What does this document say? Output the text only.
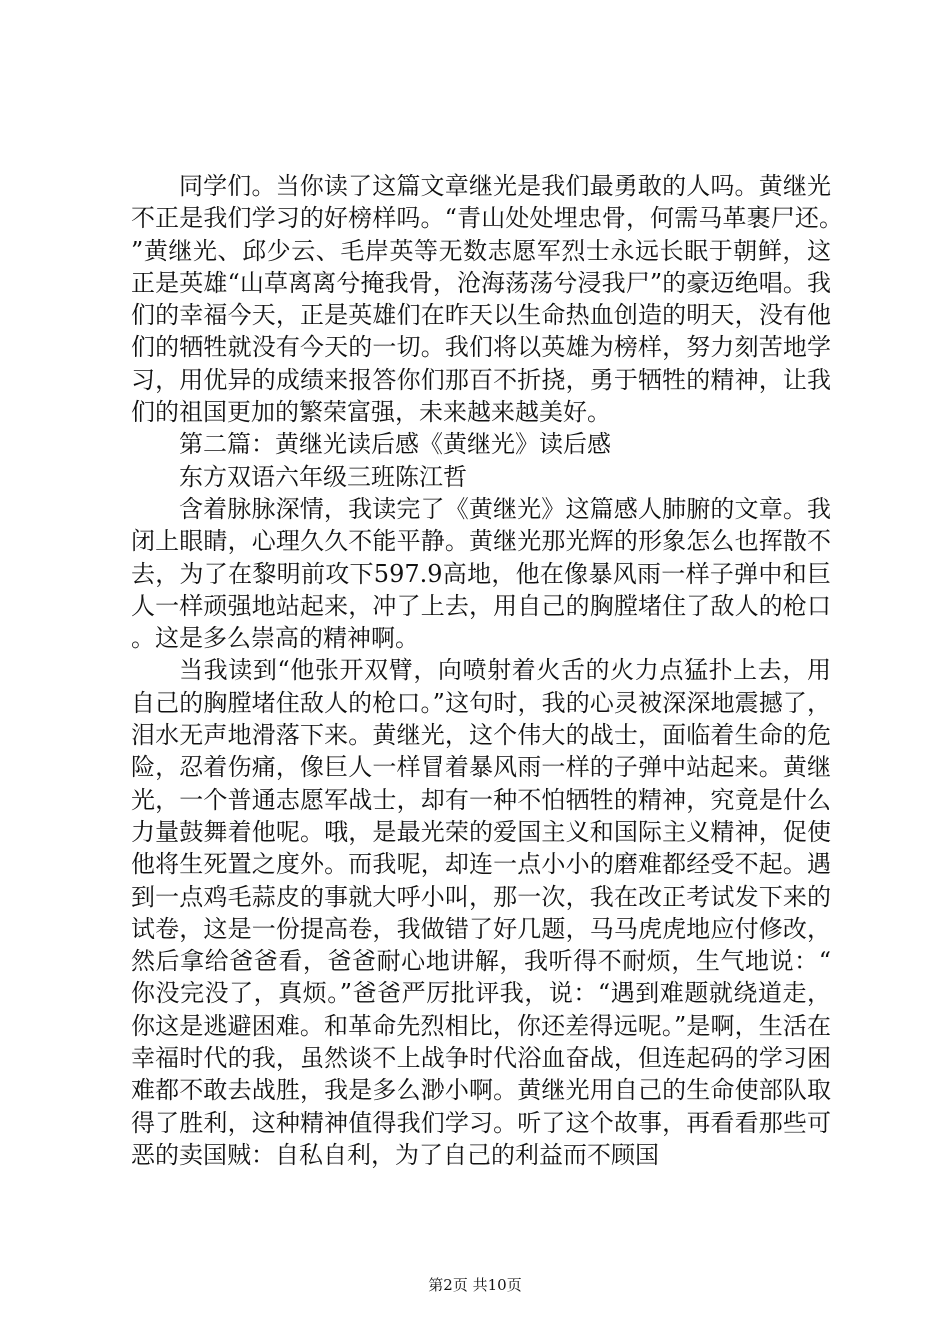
同学们。当你读了这篇文章继光是我们最勇敢的人吗。黄继光不正是我们学习的好榜样吗。“青山处处埋忠骨，何需马革裹尸还。”黄继光、邱少云、毛岸英等无数志愿军烈士永远长眠于朝鲜，这正是英雄“山草离离兮掩我骨，沧海荡荡兮浸我尸”的豪迈绝唱。我们的幸福今天，正是英雄们在昨天以生命热血创造的明天，没有他们的牺牲就没有今天的一切。我们将以英雄为榜样，努力刻苦地学习，用优异的成绩来报答你们那百不折挠，勇于牺牲的精神，让我们的祖国更加的繁荣富强，未来越来越美好。

第二篇：黄继光读后感《黄继光》读后感

东方双语六年级三班陈江哲

含着脉脉深情，我读完了《黄继光》这篇感人肺腑的文章。我闭上眼睛，心理久久不能平静。黄继光那光辉的形象怎么也挥散不去，为了在黎明前攻下597.9高地，他在像暴风雨一样子弹中和巨人一样顽强地站起来，冲了上去，用自己的胸膛堵住了敌人的枪口。这是多么崇高的精神啊。

当我读到“他张开双臂，向喷射着火舌的火力点猛扑上去，用自己的胸膛堵住敌人的枪口。”这句时，我的心灵被深深地震撼了，泪水无声地滑落下来。黄继光，这个伟大的战士，面临着生命的危险，忍着伤痛，像巨人一样冒着暴风雨一样的子弹中站起来。黄继光，一个普通志愿军战士，却有一种不怕牺牲的精神，究竟是什么力量鼓舞着他呢。哦，是最光荣的爱国主义和国际主义精神，促使他将生死置之度外。而我呢，却连一点小小的磨难都经受不起。遇到一点鸡毛蒜皮的事就大呼小叫，那一次，我在改正考试发下来的试卷，这是一份提高卷，我做错了好几题，马马虎虎地应付修改，然后拿给爸爸看，爸爸耐心地讲解，我听得不耐烦，生气地说：“你没完没了，真烦。”爸爸严厉批评我，说：“遇到难题就绕道走，你这是逃避困难。和革命先烈相比，你还差得远呢。”是啊，生活在幸福时代的我，虽然谈不上战争时代浴血奋战，但连起码的学习困难都不敢去战胜，我是多么渺小啊。黄继光用自己的生命使部队取得了胜利，这种精神值得我们学习。听了这个故事，再看看那些可恶的卖国贼：自私自利，为了自己的利益而不顾国

第2页 共10页
